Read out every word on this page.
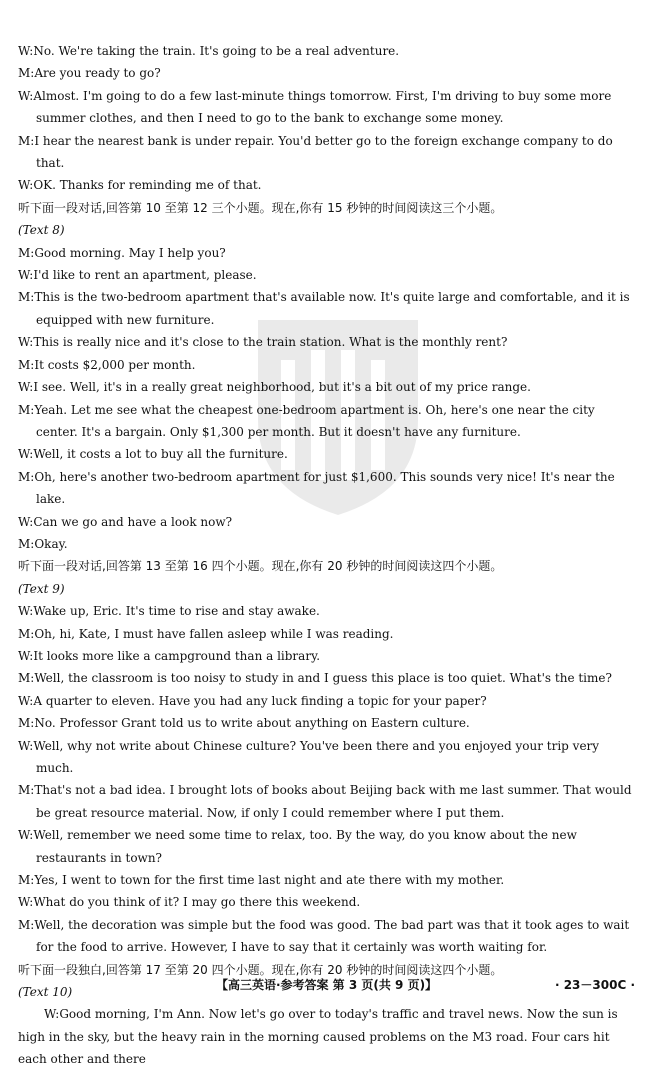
W:No. We're taking the train. It's going to be a real adventure.
M:Are you ready to go?
W:Almost. I'm going to do a few last-minute things tomorrow. First, I'm driving to buy some more summer clothes, and then I need to go to the bank to exchange some money.
M:I hear the nearest bank is under repair. You'd better go to the foreign exchange company to do that.
W:OK. Thanks for reminding me of that.
听下面一段对话,回答第 10 至第 12 三个小题。现在,你有 15 秒钟的时间阅读这三个小题。
(Text 8)
M:Good morning. May I help you?
W:I'd like to rent an apartment, please.
M:This is the two-bedroom apartment that's available now. It's quite large and comfortable, and it is equipped with new furniture.
W:This is really nice and it's close to the train station. What is the monthly rent?
M:It costs $2,000 per month.
W:I see. Well, it's in a really great neighborhood, but it's a bit out of my price range.
M:Yeah. Let me see what the cheapest one-bedroom apartment is. Oh, here's one near the city center. It's a bargain. Only $1,300 per month. But it doesn't have any furniture.
W:Well, it costs a lot to buy all the furniture.
M:Oh, here's another two-bedroom apartment for just $1,600. This sounds very nice! It's near the lake.
W:Can we go and have a look now?
M:Okay.
听下面一段对话,回答第 13 至第 16 四个小题。现在,你有 20 秒钟的时间阅读这四个小题。
(Text 9)
W:Wake up, Eric. It's time to rise and stay awake.
M:Oh, hi, Kate, I must have fallen asleep while I was reading.
W:It looks more like a campground than a library.
M:Well, the classroom is too noisy to study in and I guess this place is too quiet. What's the time?
W:A quarter to eleven. Have you had any luck finding a topic for your paper?
M:No. Professor Grant told us to write about anything on Eastern culture.
W:Well, why not write about Chinese culture? You've been there and you enjoyed your trip very much.
M:That's not a bad idea. I brought lots of books about Beijing back with me last summer. That would be great resource material. Now, if only I could remember where I put them.
W:Well, remember we need some time to relax, too. By the way, do you know about the new restaurants in town?
M:Yes, I went to town for the first time last night and ate there with my mother.
W:What do you think of it? I may go there this weekend.
M:Well, the decoration was simple but the food was good. The bad part was that it took ages to wait for the food to arrive. However, I have to say that it certainly was worth waiting for.
听下面一段独白,回答第 17 至第 20 四个小题。现在,你有 20 秒钟的时间阅读这四个小题。
(Text 10)
W:Good morning, I'm Ann. Now let's go over to today's traffic and travel news. Now the sun is high in the sky, but the heavy rain in the morning caused problems on the M3 road. Four cars hit each other and there
【高三英语·参考答案 第 3 页(共 9 页)】	· 23－300C ·
